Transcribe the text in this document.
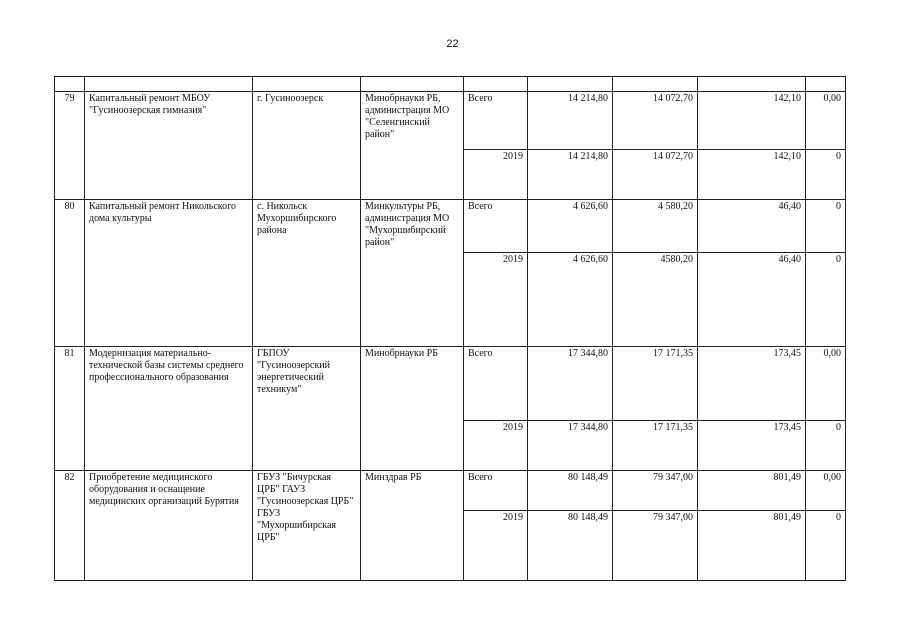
22

79	Капитальный ремонт МБОУ "Гусиноозерская гимназия"	г. Гусиноозерск	Минобрнауки РБ, администрация МО "Селенгинский район"	Всего	14 214,80	14 072,70	142,10	0,00
				2019	14 214,80	14 072,70	142,10	0
80	Капитальный ремонт Никольского дома культуры	с. Никольск Мухоршибирского района	Минкультуры РБ, администрация МО "Мухоршибирский район"	Всего	4 626,60	4 580,20	46,40	0
				2019	4 626,60	4580,20	46,40	0
81	Модернизация материально-технической базы системы среднего профессионального образования	ГБПОУ "Гусиноозерский энергетический техникум"	Минобрнауки РБ	Всего	17 344,80	17 171,35	173,45	0,00
				2019	17 344,80	17 171,35	173,45	0
82	Приобретение медицинского оборудования и оснащение медицинских организаций Бурятия	ГБУЗ "Бичурская ЦРБ" ГАУЗ "Гусиноозерская ЦРБ" ГБУЗ "Мухоршибирская ЦРБ"	Минздрав РБ	Всего	80 148,49	79 347,00	801,49	0,00
				2019	80 148,49	79 347,00	801,49	0
